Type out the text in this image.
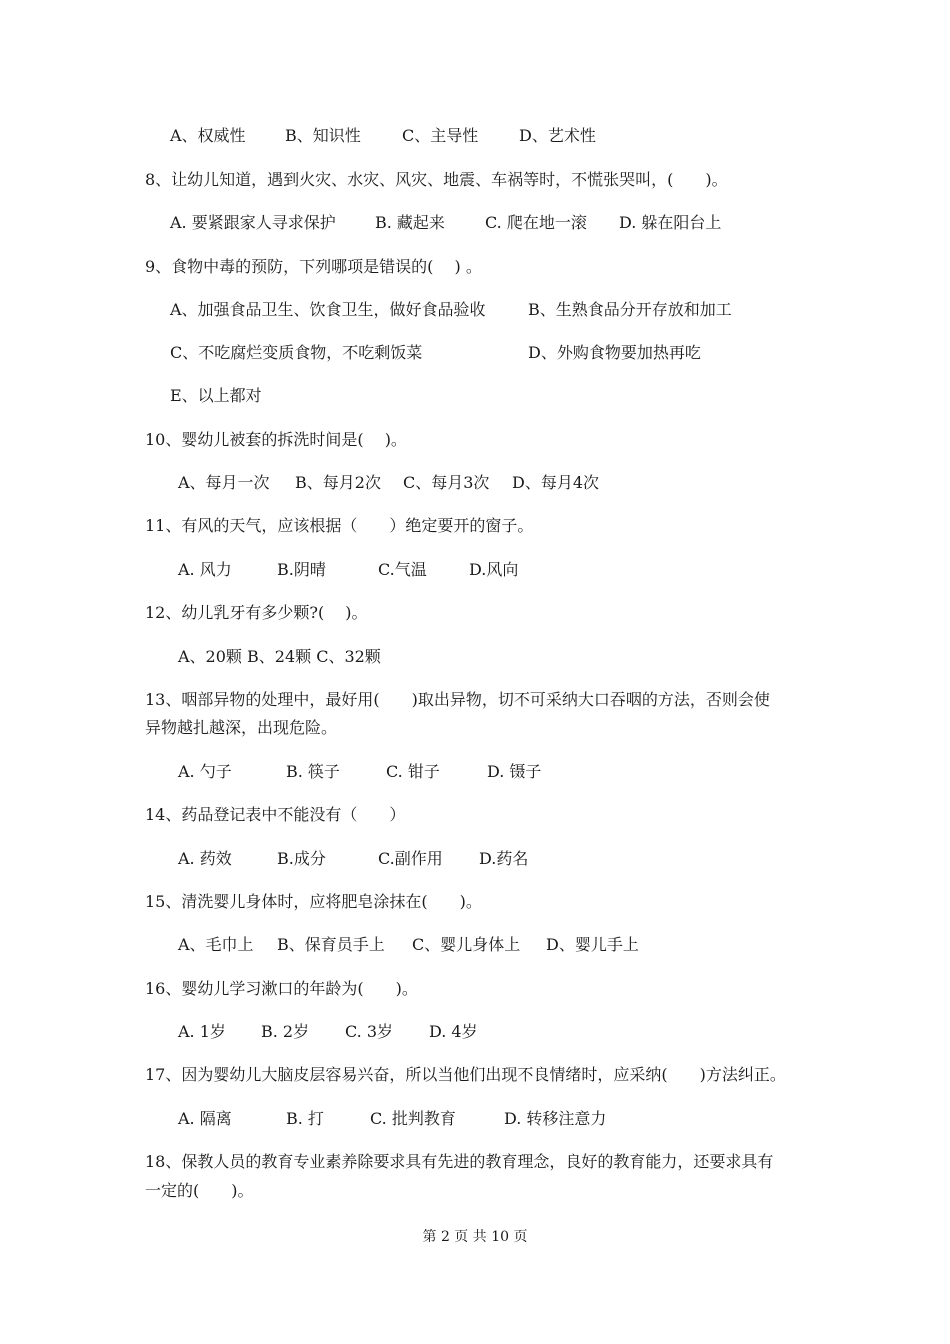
A、权威性 B、知识性	C、主导性	D、艺术性
8、让幼儿知道，遇到火灾、水灾、风灾、地震、车祸等时，不慌张哭叫，(　　)。
A. 要紧跟家人寻求保护 B. 藏起来	C. 爬在地一滚 D. 躲在阳台上
9、食物中毒的预防，下列哪项是错误的(　 ) 。
A、加强食品卫生、饮食卫生，做好食品验收	B、生熟食品分开存放和加工
C、不吃腐烂变质食物，不吃剩饭菜	D、外购食物要加热再吃
E、以上都对
10、婴幼儿被套的拆洗时间是(　 )。
A、每月一次 B、每月2次 C、每月3次 D、每月4次
11、有风的天气，应该根据（　　）绝定要开的窗子。
A. 风力	B.阴晴	C.气温	D.风向
12、幼儿乳牙有多少颗?(　 )。
A、20颗 B、24颗 C、32颗
13、咽部异物的处理中，最好用(　　)取出异物，切不可采纳大口吞咽的方法，否则会使
异物越扎越深，出现危险。
A. 勺子	B. 筷子	C. 钳子	D. 镊子
14、药品登记表中不能没有（　　）
A. 药效	B.成分	C.副作用 D.药名
15、清洗婴儿身体时，应将肥皂涂抹在(　　)。
A、毛巾上 B、保育员手上 C、婴儿身体上 D、婴儿手上
16、婴幼儿学习漱口的年龄为(　　)。
A. 1岁 B. 2岁 C. 3岁 D. 4岁
17、因为婴幼儿大脑皮层容易兴奋，所以当他们出现不良情绪时，应采纳(　　)方法纠正。
A. 隔离	B. 打	C. 批判教育	D. 转移注意力
18、保教人员的教育专业素养除要求具有先进的教育理念，良好的教育能力，还要求具有
一定的(　　)。
第 2 页 共 10 页
